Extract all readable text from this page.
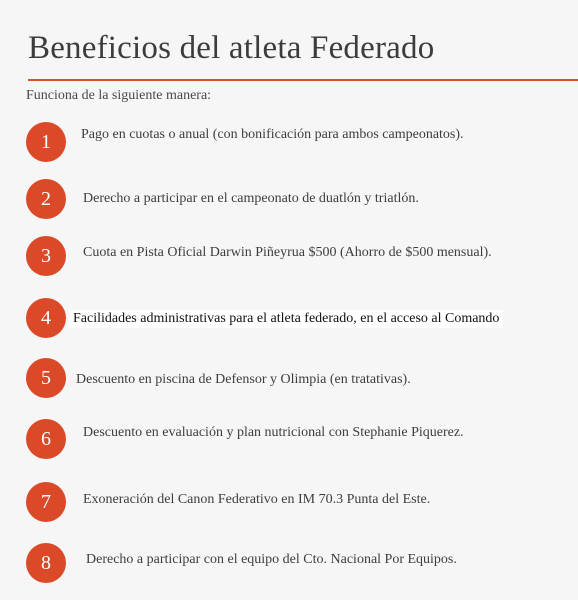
Beneficios del atleta Federado
Funciona de la siguiente manera:
1	Pago en cuotas o anual (con bonificación para ambos campeonatos).
2	Derecho a participar en el campeonato de duatlón y triatlón.
3	Cuota en Pista Oficial Darwin Piñeyrua $500 (Ahorro de $500 mensual).
4	Facilidades administrativas para el atleta federado, en el acceso al Comando
5	Descuento en piscina de Defensor y Olimpia (en tratativas).
6	Descuento en evaluación y plan nutricional con Stephanie Piquerez.
7	Exoneración del Canon Federativo en IM 70.3 Punta del Este.
8	Derecho a participar con el equipo del Cto. Nacional Por Equipos.
